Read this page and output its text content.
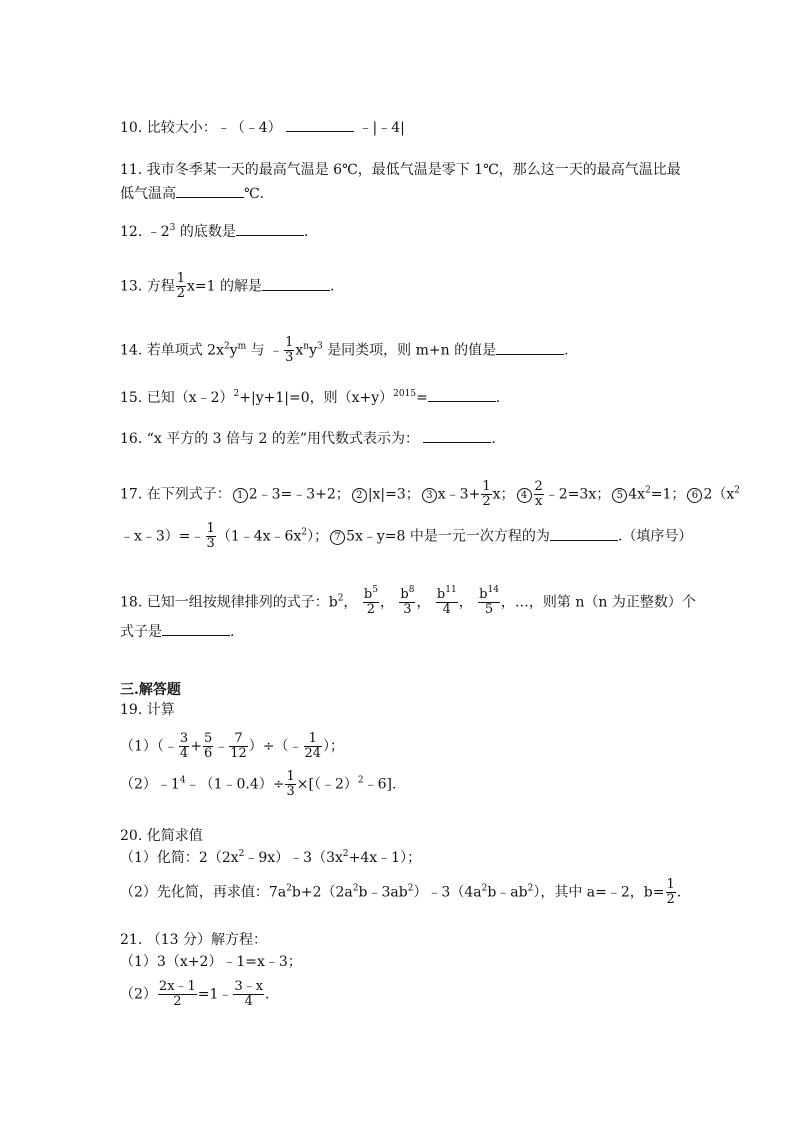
10. 比较大小：﹣（﹣4）	﹣|﹣4|
11. 我市冬季某一天的最高气温是 6℃，最低气温是零下 1℃，那么这一天的最高气温比最
低气温高	℃.
12. $﹣2^3$ 的底数是	.
13. 方程 $\frac{1}{2} x=1$ 的解是	.
14. 若单项式 $2x^2y^m$ 与 ﹣ $\frac{1}{3} x^ny^3$ 是同类项，则 m+n 的值是	.
15. 已知（x﹣2）$^2$+|y+1|=0，则$(x+y)^{2015}=$	.
16. “x 平方的 3 倍与 2 的差”用代数式表示为：	.
17. 在下列式子： 1 2﹣3=﹣3+2； 2 |x|=3； 3 x﹣3+ $\frac{1}{2}$ x； $4 \frac{2}{x}$ ﹣2=3x； 5 $4x^2=1$； 6 $2(x^2$
﹣x﹣3）=﹣ $\frac{1}{3}$ $(1﹣4x﹣6x^2)$； 7 5x﹣y=8 中是一元一次方程的为	.（填序号）
18. 已知一组按规律排列的式子：$b^2$， $\frac{b^5}{2}$ ， $\frac{b^8}{3}$ ， $\frac{b^{11}}{4}$ ， $\frac{b^{14}}{5}$ ，…，则第 n（n 为正整数）个
式子是	.
三.解答题
19. 计算
（1）（﹣ $\frac{3}{4} + \frac{5}{6}$ ﹣ $\frac{7}{12}$ ）÷（﹣ $\frac{1}{24}$ ）；
$(2)﹣1^4﹣(1﹣0.4)\div \frac{1}{3}$ ×[（﹣2）$^2$﹣6].
20. 化简求值
（1）化简：$2(2x^2﹣9x)﹣3(3x^2+4x﹣1)$；
（2）先化简，再求值：$7a^2b+2(2a^2b﹣3ab^2)﹣3(4a^2b﹣ab^2)$，其中 a=﹣2，$b= \frac{1}{2}$ .
21. （13 分）解方程：
（1）3（x+2）﹣1=x﹣3；
$(2) \frac{2x﹣1}{2}$ =1﹣ $\frac{3﹣x}{4}$ .
